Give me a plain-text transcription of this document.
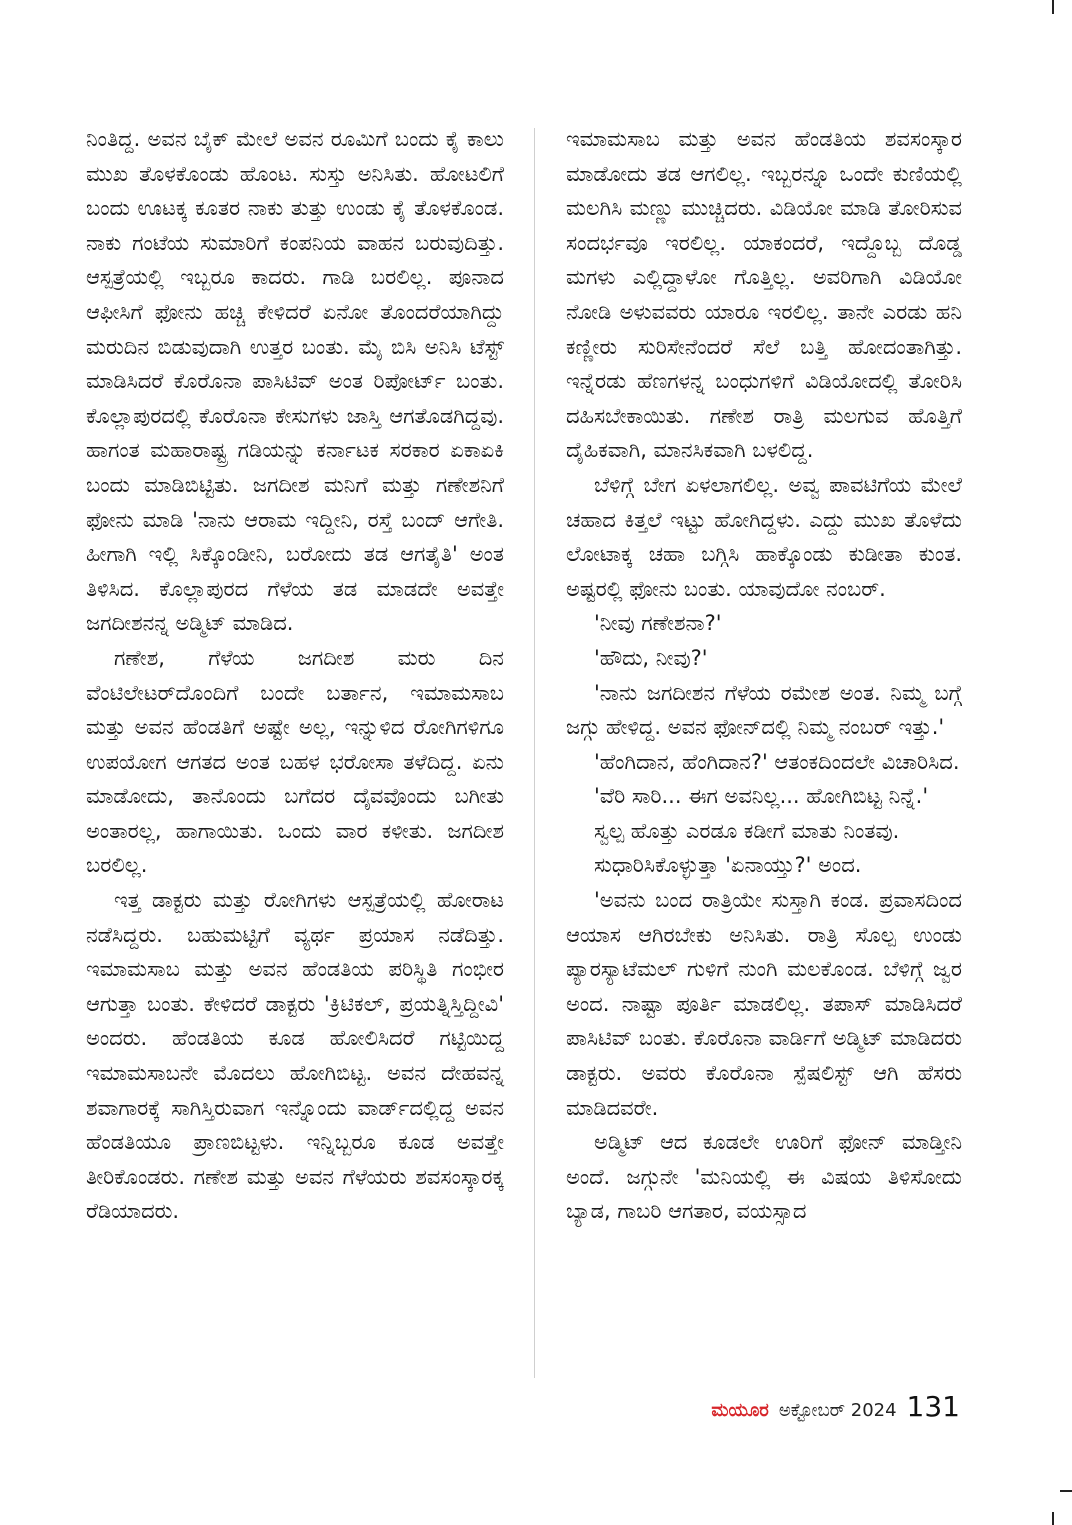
ನಿಂತಿದ್ದ. ಅವನ ಬೈಕ್ ಮೇಲೆ ಅವನ ರೂಮಿಗೆ ಬಂದು ಕೈ ಕಾಲು ಮುಖ ತೊಳಕೊಂಡು ಹೊಂಟ. ಸುಸ್ತು ಅನಿಸಿತು. ಹೋಟಲಿಗೆ ಬಂದು ಊಟಕ್ಕ ಕೂತರ ನಾಕು ತುತ್ತು ಉಂಡು ಕೈ ತೊಳಕೊಂಡ. ನಾಕು ಗಂಟೆಯ ಸುಮಾರಿಗೆ ಕಂಪನಿಯ ವಾಹನ ಬರುವುದಿತ್ತು. ಆಸ್ಪತ್ರೆಯಲ್ಲಿ ಇಬ್ಬರೂ ಕಾದರು. ಗಾಡಿ ಬರಲಿಲ್ಲ. ಪೂನಾದ ಆಫೀಸಿಗೆ ಫೋನು ಹಚ್ಚಿ ಕೇಳಿದರೆ ಏನೋ ತೊಂದರೆಯಾಗಿದ್ದು ಮರುದಿನ ಬಿಡುವುದಾಗಿ ಉತ್ತರ ಬಂತು. ಮೈ ಬಿಸಿ ಅನಿಸಿ ಟೆಸ್ಟ್ ಮಾಡಿಸಿದರೆ ಕೊರೊನಾ ಪಾಸಿಟಿವ್ ಅಂತ ರಿಪೋರ್ಟ್ ಬಂತು. ಕೊಲ್ಲಾಪುರದಲ್ಲಿ ಕೊರೊನಾ ಕೇಸುಗಳು ಜಾಸ್ತಿ ಆಗತೊಡಗಿದ್ದವು. ಹಾಗಂತ ಮಹಾರಾಷ್ಟ್ರ ಗಡಿಯನ್ನು ಕರ್ನಾಟಕ ಸರಕಾರ ಏಕಾಏಕಿ ಬಂದು ಮಾಡಿಬಿಟ್ಟಿತು. ಜಗದೀಶ ಮನಿಗೆ ಮತ್ತು ಗಣೇಶನಿಗೆ ಫೋನು ಮಾಡಿ 'ನಾನು ಆರಾಮ ಇದ್ದೀನಿ, ರಸ್ತೆ ಬಂದ್ ಆಗೇತಿ. ಹೀಗಾಗಿ ಇಲ್ಲಿ ಸಿಕ್ಕೊಂಡೀನಿ, ಬರೋದು ತಡ ಆಗತೈತಿ' ಅಂತ ತಿಳಿಸಿದ. ಕೊಲ್ಲಾಪುರದ ಗೆಳೆಯ ತಡ ಮಾಡದೇ ಅವತ್ತೇ ಜಗದೀಶನನ್ನ ಅಡ್ಮಿಟ್ ಮಾಡಿದ.

ಗಣೇಶ, ಗೆಳೆಯ ಜಗದೀಶ ಮರು ದಿನ ವೆಂಟಿಲೇಟರ್‌ದೊಂದಿಗೆ ಬಂದೇ ಬರ್ತಾನ, ಇಮಾಮಸಾಬ ಮತ್ತು ಅವನ ಹೆಂಡತಿಗೆ ಅಷ್ಟೇ ಅಲ್ಲ, ಇನ್ನುಳಿದ ರೋಗಿಗಳಿಗೂ ಉಪಯೋಗ ಆಗತದ ಅಂತ ಬಹಳ ಭರೋಸಾ ತಳೆದಿದ್ದ. ಏನು ಮಾಡೋದು, ತಾನೊಂದು ಬಗೆದರ ದೈವವೊಂದು ಬಗೀತು ಅಂತಾರಲ್ಲ, ಹಾಗಾಯಿತು. ಒಂದು ವಾರ ಕಳೀತು. ಜಗದೀಶ ಬರಲಿಲ್ಲ.

ಇತ್ತ ಡಾಕ್ಟರು ಮತ್ತು ರೋಗಿಗಳು ಆಸ್ಪತ್ರೆಯಲ್ಲಿ ಹೋರಾಟ ನಡೆಸಿದ್ದರು. ಬಹುಮಟ್ಟಿಗೆ ವ್ಯರ್ಥ ಪ್ರಯಾಸ ನಡೆದಿತ್ತು. ಇಮಾಮಸಾಬ ಮತ್ತು ಅವನ ಹೆಂಡತಿಯ ಪರಿಸ್ಥಿತಿ ಗಂಭೀರ ಆಗುತ್ತಾ ಬಂತು. ಕೇಳಿದರೆ ಡಾಕ್ಟರು 'ಕ್ರಿಟಿಕಲ್, ಪ್ರಯತ್ನಿಸ್ತಿದ್ದೀವಿ' ಅಂದರು. ಹೆಂಡತಿಯ ಕೂಡ ಹೋಲಿಸಿದರೆ ಗಟ್ಟಿಯಿದ್ದ ಇಮಾಮಸಾಬನೇ ಮೊದಲು ಹೋಗಿಬಿಟ್ಟ. ಅವನ ದೇಹವನ್ನ ಶವಾಗಾರಕ್ಕೆ ಸಾಗಿಸ್ತಿರುವಾಗ ಇನ್ನೊಂದು ವಾರ್ಡ್‌ದಲ್ಲಿದ್ದ ಅವನ ಹೆಂಡತಿಯೂ ಪ್ರಾಣಬಿಟ್ಟಳು. ಇನ್ನಿಬ್ಬರೂ ಕೂಡ ಅವತ್ತೇ ತೀರಿಕೊಂಡರು. ಗಣೇಶ ಮತ್ತು ಅವನ ಗೆಳೆಯರು ಶವಸಂಸ್ಕಾರಕ್ಕ ರೆಡಿಯಾದರು.

ಇಮಾಮಸಾಬ ಮತ್ತು ಅವನ ಹೆಂಡತಿಯ ಶವಸಂಸ್ಕಾರ ಮಾಡೋದು ತಡ ಆಗಲಿಲ್ಲ. ಇಬ್ಬರನ್ನೂ ಒಂದೇ ಕುಣಿಯಲ್ಲಿ ಮಲಗಿಸಿ ಮಣ್ಣು ಮುಚ್ಚಿದರು. ವಿಡಿಯೋ ಮಾಡಿ ತೋರಿಸುವ ಸಂದರ್ಭವೂ ಇರಲಿಲ್ಲ. ಯಾಕಂದರೆ, ಇದ್ದೊಬ್ಬ ದೊಡ್ಡ ಮಗಳು ಎಲ್ಲಿದ್ದಾಳೋ ಗೊತ್ತಿಲ್ಲ. ಅವರಿಗಾಗಿ ವಿಡಿಯೋ ನೋಡಿ ಅಳುವವರು ಯಾರೂ ಇರಲಿಲ್ಲ. ತಾನೇ ಎರಡು ಹನಿ ಕಣ್ಣೀರು ಸುರಿಸೇನೆಂದರೆ ಸೆಲೆ ಬತ್ತಿ ಹೋದಂತಾಗಿತ್ತು. ಇನ್ನೆರಡು ಹೆಣಗಳನ್ನ ಬಂಧುಗಳಿಗೆ ವಿಡಿಯೋದಲ್ಲಿ ತೋರಿಸಿ ದಹಿಸಬೇಕಾಯಿತು. ಗಣೇಶ ರಾತ್ರಿ ಮಲಗುವ ಹೊತ್ತಿಗೆ ದೈಹಿಕವಾಗಿ, ಮಾನಸಿಕವಾಗಿ ಬಳಲಿದ್ದ.

ಬೆಳಿಗ್ಗೆ ಬೇಗ ಏಳಲಾಗಲಿಲ್ಲ. ಅವ್ವ ಪಾವಟಿಗೆಯ ಮೇಲೆ ಚಹಾದ ಕಿತ್ತಲೆ ಇಟ್ಟು ಹೋಗಿದ್ದಳು. ಎದ್ದು ಮುಖ ತೊಳೆದು ಲೋಟಾಕ್ಕ ಚಹಾ ಬಗ್ಗಿಸಿ ಹಾಕ್ಕೊಂಡು ಕುಡೀತಾ ಕುಂತ. ಅಷ್ಟರಲ್ಲಿ ಫೋನು ಬಂತು. ಯಾವುದೋ ನಂಬರ್.

'ನೀವು ಗಣೇಶನಾ?'

'ಹೌದು, ನೀವು?'

'ನಾನು ಜಗದೀಶನ ಗೆಳೆಯ ರಮೇಶ ಅಂತ. ನಿಮ್ಮ ಬಗ್ಗೆ ಜಗ್ಗು ಹೇಳಿದ್ದ. ಅವನ ಫೋನ್‌ದಲ್ಲಿ ನಿಮ್ಮ ನಂಬರ್ ಇತ್ತು.'

'ಹೆಂಗಿದಾನ, ಹೆಂಗಿದಾನ?' ಆತಂಕದಿಂದಲೇ ವಿಚಾರಿಸಿದ.

'ವೆರಿ ಸಾರಿ... ಈಗ ಅವನಿಲ್ಲ... ಹೋಗಿಬಿಟ್ಟ ನಿನ್ನೆ.'

ಸ್ವಲ್ಪ ಹೊತ್ತು ಎರಡೂ ಕಡೀಗೆ ಮಾತು ನಿಂತವು.

ಸುಧಾರಿಸಿಕೊಳ್ಳುತ್ತಾ 'ಏನಾಯ್ತು?' ಅಂದ.

'ಅವನು ಬಂದ ರಾತ್ರಿಯೇ ಸುಸ್ತಾಗಿ ಕಂಡ. ಪ್ರವಾಸದಿಂದ ಆಯಾಸ ಆಗಿರಬೇಕು ಅನಿಸಿತು. ರಾತ್ರಿ ಸೊಲ್ಪ ಉಂಡು ಪ್ಯಾರಸ್ಯಾಟೆಮಲ್ ಗುಳಿಗೆ ನುಂಗಿ ಮಲಕೊಂಡ. ಬೆಳಿಗ್ಗೆ ಜ್ವರ ಅಂದ. ನಾಷ್ಟಾ ಪೂರ್ತಿ ಮಾಡಲಿಲ್ಲ. ತಪಾಸ್ ಮಾಡಿಸಿದರೆ ಪಾಸಿಟಿವ್ ಬಂತು. ಕೊರೊನಾ ವಾರ್ಡಿಗೆ ಅಡ್ಮಿಟ್ ಮಾಡಿದರು ಡಾಕ್ಟರು. ಅವರು ಕೊರೊನಾ ಸ್ಪೆಷಲಿಸ್ಟ್ ಆಗಿ ಹೆಸರು ಮಾಡಿದವರೇ.

ಅಡ್ಮಿಟ್ ಆದ ಕೂಡಲೇ ಊರಿಗೆ ಫೋನ್ ಮಾಡ್ತೀನಿ ಅಂದೆ. ಜಗ್ಗುನೇ 'ಮನಿಯಲ್ಲಿ ಈ ವಿಷಯ ತಿಳಿಸೋದು ಬ್ಯಾಡ, ಗಾಬರಿ ಆಗತಾರ, ವಯಸ್ಸಾದ

ಮಯೂರ ಅಕ್ಟೋಬರ್ 2024 131
